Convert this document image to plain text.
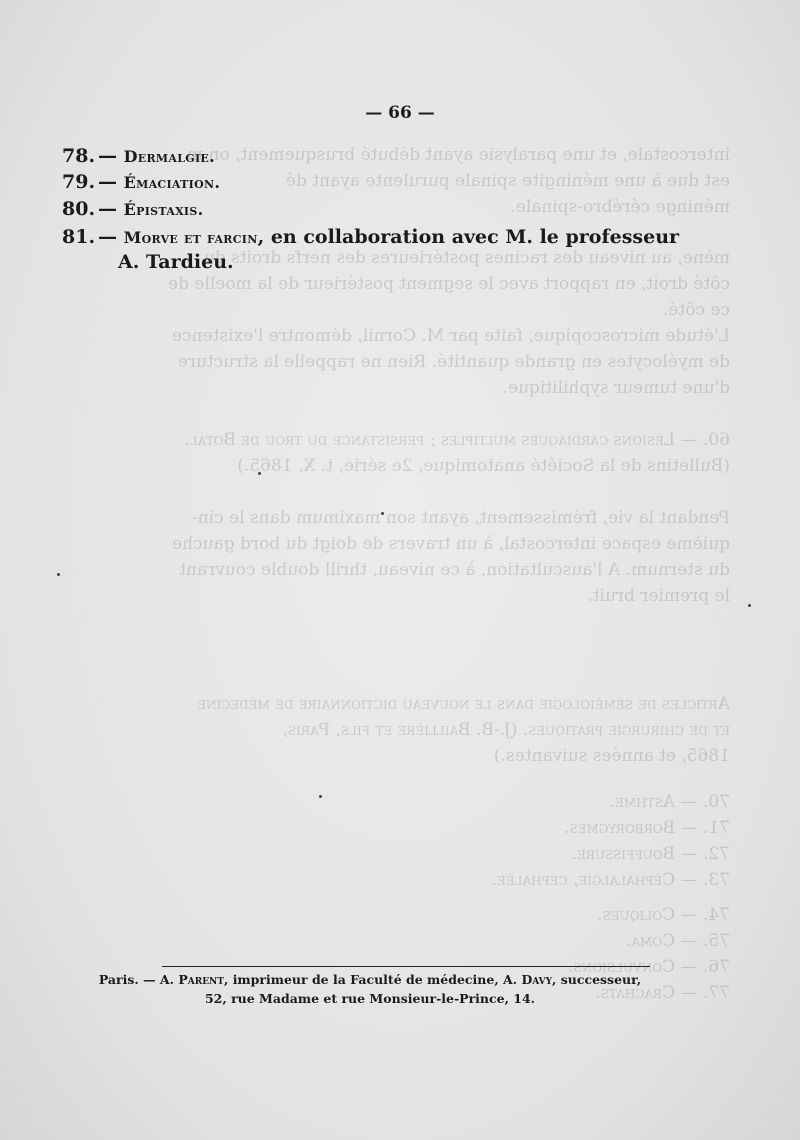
intercostale, et une paralysie ayant débuté brusquement, on m
est due à une méningite spinale purulente ayant dé
méninge cérébro-spinale.
mène, au niveau des racines postérieures des nerfs droits du
côté droit, en rapport avec le segment postérieur de la moelle de
ce côté.
L'étude microscopique, faite par M. Cornil, démontre l'existence
de myélocytes en grande quantité. Rien ne rappelle la structure
d'une tumeur syphilitique.
60. — Lésions cardiaques multiples ; persistance du trou de Botal.
(Bulletins de la Société anatomique, 2e série, t. X, 1865.)
Pendant la vie, frémissement, ayant son maximum dans le cin-
quième espace intercostal, à un travers de doigt du bord gauche
du sternum. A l'auscultation, à ce niveau, thrill double couvrant
le premier bruit.
Articles de séméiologie dans le nouveau dictionnaire de médecine
et de chirurgie pratiques. (J.-B. Baillière et fils, Paris,
1865, et années suivantes.)
70. — Asthme.
71. — Borborygmes.
72. — Bouffissure.
73. — Céphalalgie, céphalée.
74. — Coliques.
75. — Coma.
76. — Convulsions.
77. — Crachats.
— 66 —
78. — Dermalgie.
79. — Émaciation.
80. — Épistaxis.
81. — Morve et farcin, en collaboration avec M. le professeur
A. Tardieu.
Paris. — A. Parent, imprimeur de la Faculté de médecine, A. Davy, successeur,
52, rue Madame et rue Monsieur-le-Prince, 14.
